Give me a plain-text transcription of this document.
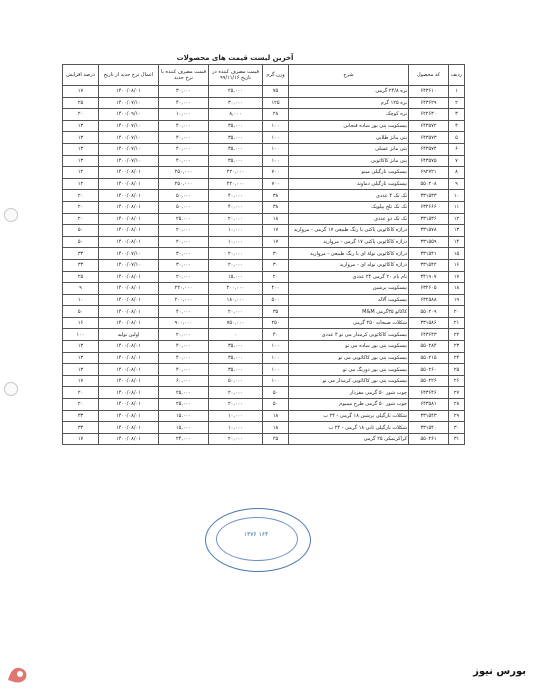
آخرین لیست قیمت های محصولات
ردیف	کد محصول	شرح	وزن گرم	قیمت مصرف کننده در تاریخ ۹۹/۱۱/۱۶	قیمت مصرف کننده با نرخ جدید	اعمال نرخ جدید از تاریخ	درصد افزایش
۱	۶۴۳۶۱۰	نره ۲۴/۸ گرمی	۷۵	۲۵,۰۰۰	۳۰,۰۰۰	۱۴۰۰/۰۸/۰۱	۱۷
۲	۶۴۳۶۲۹	نره ۱۲۵ گرم	۱۲۵	۳۰,۰۰۰	۴۰,۰۰۰	۱۴۰۰/۰۷/۱۰	۲۵
۳	۶۲۲۶۳۰	نره کوچک	۲۸	۸,۰۰۰	۱۰,۰۰۰	۱۴۰۰/۰۹/۱۰	۲۰
۴	۶۴۳۵۷۲	بیسکویت پتی بور ساده قنجانی	۱۰۰	۳۵,۰۰۰	۴۰,۰۰۰	۱۴۰۰/۰۷/۱۰	۱۳
۵	۶۴۳۵۷۳	پتی مانژ طلایی	۱۰۰	۳۵,۰۰۰	۴۰,۰۰۰	۱۴۰۰/۰۷/۱۰	۱۳
۶	۶۴۳۵۷۴	پتی مانژ عسلی	۱۰۰	۳۵,۰۰۰	۴۰,۰۰۰	۱۴۰۰/۰۷/۱۰	۱۳
۷	۶۴۳۵۷۵	پتی مانژ کاکائویی	۱۰۰	۳۵,۰۰۰	۴۰,۰۰۰	۱۴۰۰/۰۷/۱۰	۱۳
۸	۶۹۲۷۲۱	بیسکویت نارگیلی مینو	۷۰۰	۲۲۰,۰۰۰	۲۵۰,۰۰۰	۱۴۰۰/۰۸/۰۱	۱۲
۹	۵۵۰۲۰۸	بیسکویت نارگیلی دماوند	۷۰۰	۲۲۰,۰۰۰	۲۵۰,۰۰۰	۱۴۰۰/۰۸/۰۱	۱۲
۱۰	۳۳۱۵۳۳	تک تک ۴ عددی	۳۸	۴۰,۰۰۰	۵۰,۰۰۰	۱۴۰۰/۰۸/۰۱	۲۰
۱۱	۶۳۲۶۶۶	تک تک تلخ پیلوپک	۳۸	۴۰,۰۰۰	۵۰,۰۰۰	۱۴۰۰/۰۸/۰۱	۲۰
۱۲	۳۳۱۵۳۶	تک تک دو عددی	۱۸	۲۰,۰۰۰	۲۵,۰۰۰	۱۴۰۰/۰۸/۰۱	۲۰
۱۳	۳۳۱۵۷۸	دراژه کاکائویی پاکتی با رنگ طبیعی ۱۷ گرمی - مروارید	۱۷	۱۰,۰۰۰	۲۰,۰۰۰	۱۴۰۰/۰۸/۰۱	۵۰
۱۴	۳۳۱۵۵۹	دراژه کاکائویی پاکتی ۱۷ گرمی - مروارید	۱۷	۱۰,۰۰۰	۲۰,۰۰۰	۱۴۰۰/۰۸/۰۱	۵۰
۱۵	۳۳۱۵۴۱	دراژه کاکائویی تولهٔ ای با رنگ طبیعی - مروارید	۳۰	۲۰,۰۰۰	۳۰,۰۰۰	۱۴۰۰/۰۷/۱۰	۳۳
۱۶	۳۳۱۵۴۲	دراژه کاکائویی توله ای - مروارید	۳۰	۲۰,۰۰۰	۳۰,۰۰۰	۱۴۰۰/۰۷/۱۰	۳۳
۱۷	۳۴۱۹۰۷	بام بام ۲۰ گرمی ۲۴ عددی	۲۰	۱۵,۰۰۰	۲۰,۰۰۰	۱۴۰۰/۰۸/۰۱	۲۵
۱۸	۶۳۲۶۰۵	بیسکویت پرشین	۴۰۰	۲۰۰,۰۰۰	۲۲۰,۰۰۰	۱۴۰۰/۰۸/۰۱	۹
۱۹	۶۳۲۵۸۸	بیسکویت آلاله	۵۰۰	۱۸۰,۰۰۰	۲۰۰,۰۰۰	۱۴۰۰/۰۸/۰۱	۱۰
۲۰	۵۵۰۲۰۹	کاکائو ۳۵گرمی M&M	۳۵	۲۰,۰۰۰	۴۰,۰۰۰	۱۴۰۰/۰۸/۰۱	۵۰
۲۱	۳۳۱۵۸۶	شکلات صبحانه ۲۵۰ گرمی	۲۵۰	۷۵۰,۰۰۰	۹۰۰,۰۰۰	۱۴۰۰/۰۸/۰۱	۱۶
۲۲	۶۴۳۶۴۳	بیسکویت کاکائویی کرمدار می تو ۴ عددی	۴۰	۰	۲۰,۰۰۰	اولین تولید	۱۰۰
۲۳	۵۵۰۲۸۴	بیسکویت پتی بور ساده می تو	۱۰۰	۳۵,۰۰۰	۴۰,۰۰۰	۱۴۰۰/۰۸/۰۱	۱۳
۲۴	۵۵۰۲۱۵	بیسکویت پتی بور کاکائویی می تو	۱۰۰	۳۵,۰۰۰	۴۰,۰۰۰	۱۴۰۰/۰۸/۰۱	۱۳
۲۵	۵۵۰۲۶۰	بیسکویت پتی بور دورنگ می تو	۱۰۰	۳۵,۰۰۰	۴۰,۰۰۰	۱۴۰۰/۰۸/۰۱	۱۳
۲۶	۵۵۰۲۲۶	بیسکویت پتی بور کاکائویی کرمدار می تو	۱۰۰	۵۰,۰۰۰	۶۰,۰۰۰	۱۴۰۰/۰۸/۰۱	۱۷
۲۷	۶۴۳۶۴۶	چوب شور ۵۰ گرمی مفزدار	۵۰	۲۰,۰۰۰	۲۵,۰۰۰	۱۴۰۰/۰۸/۰۱	۲۰
۲۸	۶۴۳۵۸۱	چوب شور ۵۰ گرمی طرح مینیوم	۵۰	۲۰,۰۰۰	۲۵,۰۰۰	۱۴۰۰/۰۸/۰۱	۲۰
۲۹	۳۳۱۵۴۳	شکلات نارگیلی پرشین ۱۸ گرمی - ۲۴ ب	۱۸	۱۰,۰۰۰	۱۵,۰۰۰	۱۴۰۰/۰۸/۰۱	۳۳
۳۰	۳۳۱۵۴۰	شکلات نارگیلی ثانی ۱۸ گرمی - ۲۴ ب	۱۸	۱۰,۰۰۰	۱۵,۰۰۰	۱۴۰۰/۰۸/۰۱	۳۳
۳۱	۵۵۰۲۶۱	کراکرنمکی ۲۵ گرمی	۲۵	۲۰,۰۰۰	۲۴,۰۰۰	۱۴۰۰/۰۸/۰۱	۱۷
۱۶۴ ۱۳۷۶
بورس نیوز
